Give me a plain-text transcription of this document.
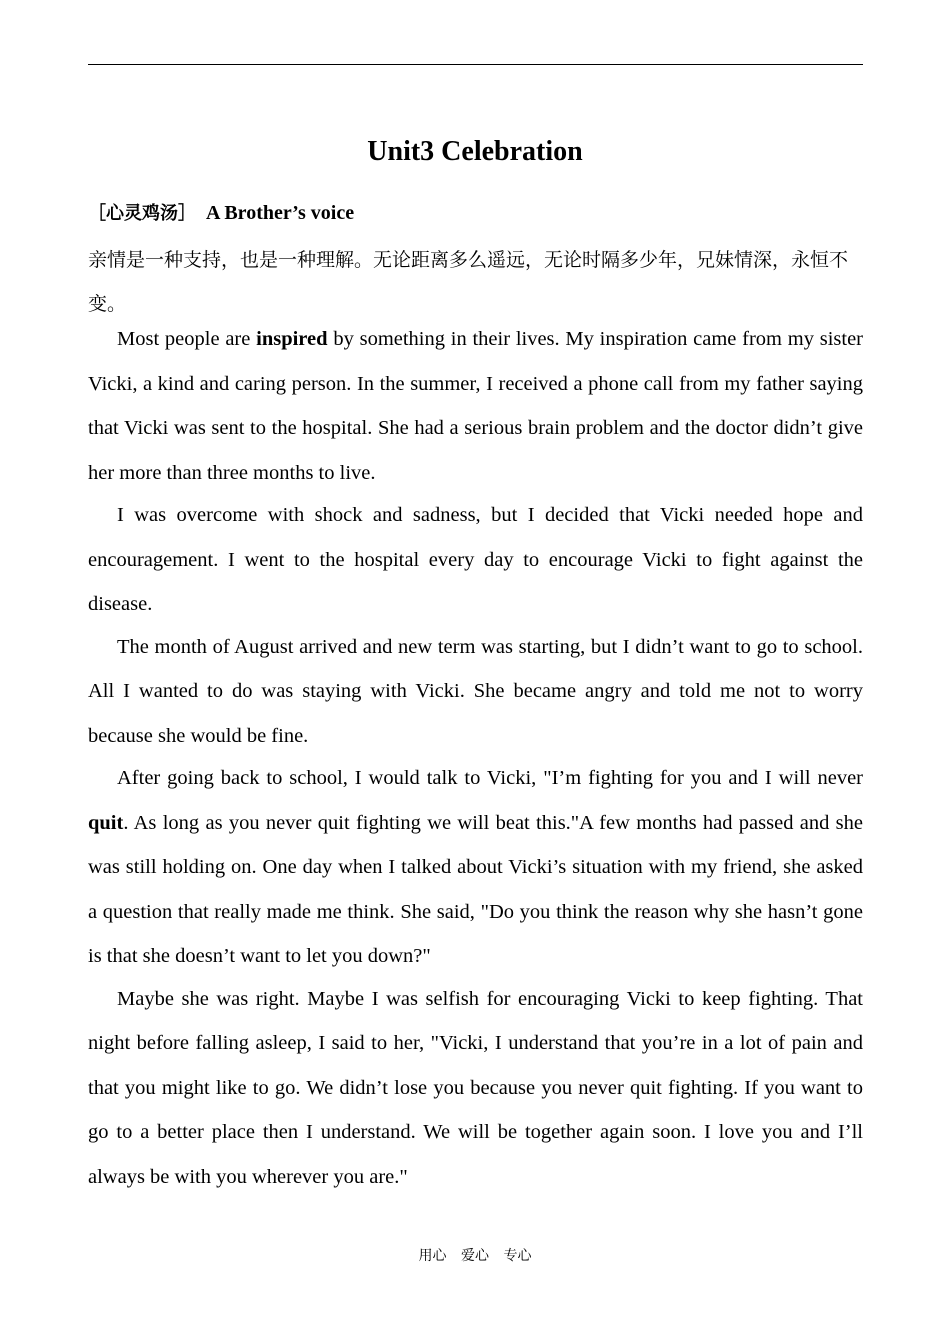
Unit3 Celebration
［心灵鸡汤］ A Brother’s voice

亲情是一种支持，也是一种理解。无论距离多么遥远，无论时隔多少年，兄妹情深，永恒不变。

Most people are inspired by something in their lives. My inspiration came from my sister Vicki, a kind and caring person. In the summer, I received a phone call from my father saying that Vicki was sent to the hospital. She had a serious brain problem and the doctor didn’t give her more than three months to live.

I was overcome with shock and sadness, but I decided that Vicki needed hope and encouragement. I went to the hospital every day to encourage Vicki to fight against the disease.

The month of August arrived and new term was starting, but I didn’t want to go to school. All I wanted to do was staying with Vicki. She became angry and told me not to worry because she would be fine.

After going back to school, I would talk to Vicki, "I’m fighting for you and I will never quit. As long as you never quit fighting we will beat this."A few months had passed and she was still holding on. One day when I talked about Vicki’s situation with my friend, she asked a question that really made me think. She said, "Do you think the reason why she hasn’t gone is that she doesn’t want to let you down?"

Maybe she was right. Maybe I was selfish for encouraging Vicki to keep fighting. That night before falling asleep, I said to her, "Vicki, I understand that you’re in a lot of pain and that you might like to go. We didn’t lose you because you never quit fighting. If you want to go to a better place then I understand. We will be together again soon. I love you and I’ll always be with you wherever you are."

用心 爱心 专心
